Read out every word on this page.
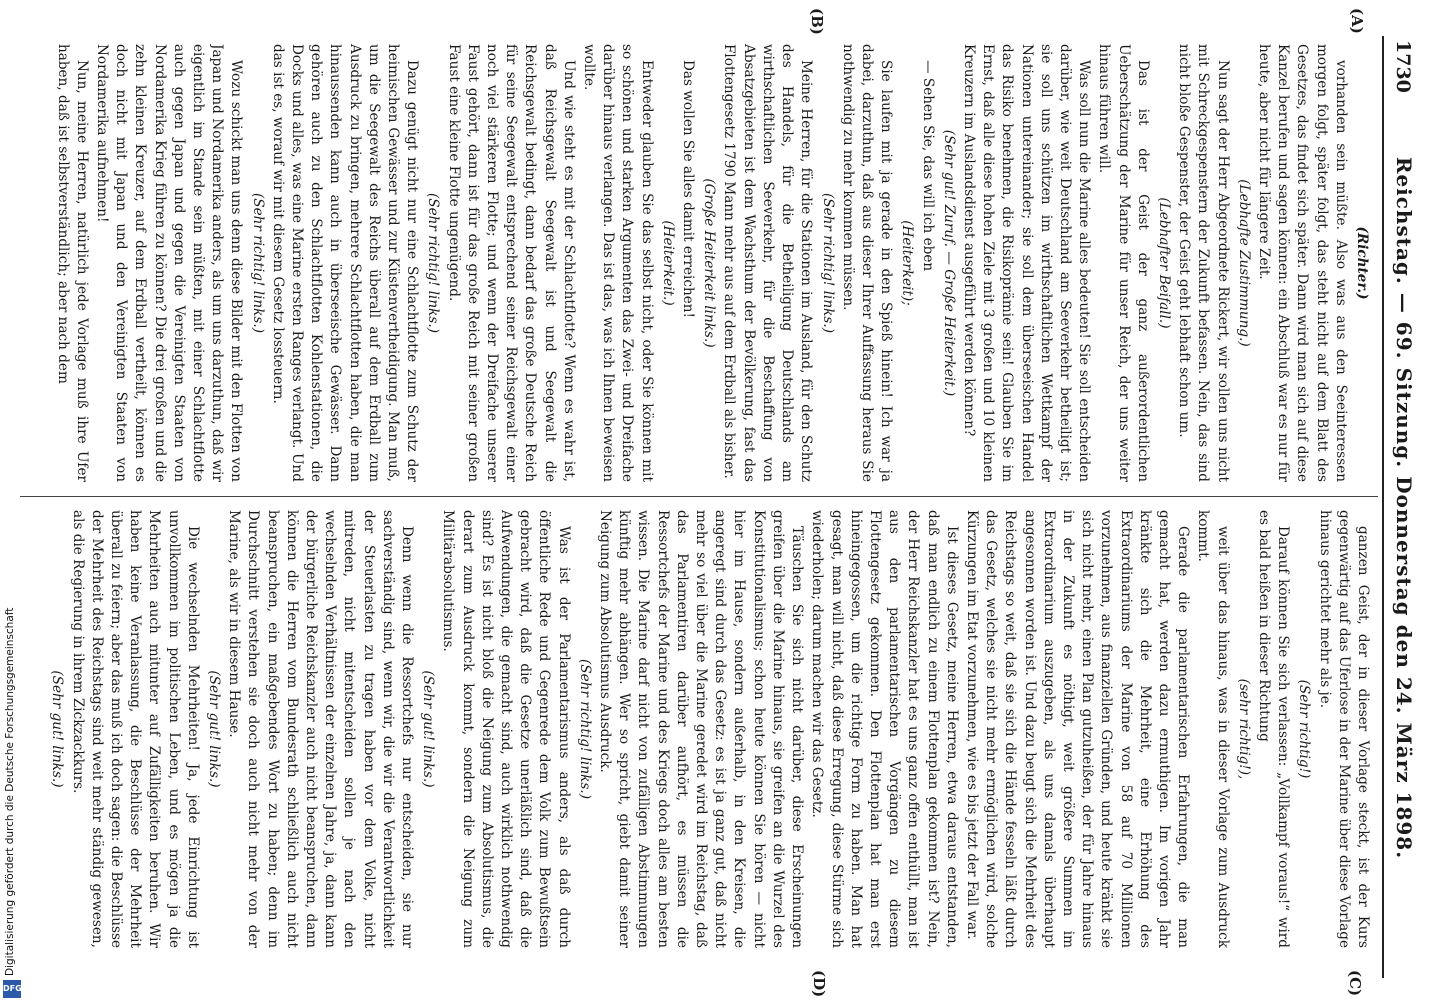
1730
Reichstag. — 69. Sitzung. Donnerstag den 24. März 1898.
(A)
(B)
(C)
(D)

(Richter.)

vorhanden sein müßte. Also was aus den Seeinteressen morgen folgt, später folgt, das steht nicht auf dem Blatt des Gesetzes, das findet sich später. Dann wird man sich auf diese Kanzel berufen und sagen können: ein Abschluß war es nur für heute, aber nicht für längere Zeit.

(Lebhafte Zustimmung.)

Nun sagt der Herr Abgeordnete Rickert, wir sollen uns nicht mit Schreckgespenstern der Zukunft befassen. Nein, das sind nicht bloße Gespenster, der Geist geht lebhaft schon um.

(Lebhafter Beifall.)

Das ist der Geist der ganz außerordentlichen Ueberschätzung der Marine für unser Reich, der uns weiter hinaus führen will.

Was soll nun die Marine alles bedeuten! Sie soll entscheiden darüber, wie weit Deutschland am Seeverkehr betheiligt ist; sie soll uns schützen im wirthschaftlichen Wettkampf der Nationen untereinander; sie soll dem überseeischen Handel das Risiko benehmen, die Risikoprämie sein! Glauben Sie im Ernst, daß alle diese hohen Ziele mit 3 großen und 10 kleinen Kreuzern im Auslandsdienst ausgeführt werden können?

(Sehr gut! Zuruf. — Große Heiterkeit.)

— Sehen Sie, das will ich eben

(Heiterkeit);

Sie laufen mit ja gerade in den Spieß hinein! Ich war ja dabei, darzuthun, daß aus dieser Ihrer Auffassung heraus Sie nothwendig zu mehr kommen müssen.

(Sehr richtig! links.)

Meine Herren, für die Stationen im Ausland, für den Schutz des Handels, für die Betheiligung Deutschlands am wirthschaftlichen Seeverkehr, für die Beschaffung von Absatzgebieten ist dem Wachsthum der Bevölkerung, fast das Flottengesetz 1790 Mann mehr aus auf dem Erdball als bisher.

(Große Heiterkeit links.)

Das wollen Sie alles damit erreichen!

(Heiterkeit.)

Entweder glauben Sie das selbst nicht, oder Sie können mit so schönen und starken Argumenten das Zwei- und Dreifache darüber hinaus verlangen. Das ist das, was ich Ihnen beweisen wollte.

Und wie steht es mit der Schlachtflotte? Wenn es wahr ist, daß Reichsgewalt Seegewalt ist und Seegewalt die Reichsgewalt bedingt, dann bedarf das große Deutsche Reich für seine Seegewalt entsprechend seiner Reichsgewalt einer noch viel stärkeren Flotte; und wenn der Dreifache unserer Faust gehört, dann ist für das große Reich mit seiner großen Faust eine kleine Flotte ungenügend.

(Sehr richtig! links.)

Dazu genügt nicht nur eine Schlachtflotte zum Schutz der heimischen Gewässer und zur Küstenvertheidigung. Man muß, um die Seegewalt des Reichs überall auf dem Erdball zum Ausdruck zu bringen, mehrere Schlachtflotten haben, die man hinaussenden kann auch in überseeische Gewässer. Dann gehören auch zu den Schlachtflotten Kohlenstationen, die Docks und alles, was eine Marine ersten Ranges verlangt. Und das ist es, worauf wir mit diesem Gesetz lossteuern.

(Sehr richtig! links.)

Wozu schickt man uns denn diese Bilder mit den Flotten von Japan und Nordamerika anders, als um uns darzuthun, daß wir eigentlich im Stande sein müßten, mit einer Schlachtflotte auch gegen Japan und gegen die Vereinigten Staaten von Nordamerika Krieg führen zu können? Die drei großen und die zehn kleinen Kreuzer, auf dem Erdball vertheilt, können es doch nicht mit Japan und den Vereinigten Staaten von Nordamerika aufnehmen!

Nun, meine Herren, natürlich jede Vorlage muß ihre Ufer haben, daß ist selbstverständlich; aber nach dem

ganzen Geist, der in dieser Vorlage steckt, ist der Kurs gegenwärtig auf das Uferlose in der Marine über diese Vorlage hinaus gerichtet mehr als je.

(Sehr richtig!)

Darauf können Sie sich verlassen: „Vollkampf voraus!“ wird es bald heißen in dieser Richtung

(sehr richtig!),

weit über das hinaus, was in dieser Vorlage zum Ausdruck kommt.

Gerade die parlamentarischen Erfahrungen, die man gemacht hat, werden dazu ermuthigen. Im vorigen Jahr kränkte sich die Mehrheit, eine Erhöhung des Extraordinariums der Marine von 58 auf 70 Millionen vorzunehmen, aus finanziellen Gründen, und heute kränkt sie sich nicht mehr, einen Plan gutzuheißen, der für Jahre hinaus in der Zukunft es nöthigt, weit größere Summen im Extraordinarium auszugeben, als uns damals überhaupt angesonnen worden ist. Und dazu beugt sich die Mehrheit des Reichstags so weit, daß sie sich die Hände fesseln läßt durch das Gesetz, welches sie nicht mehr ermöglichen wird, solche Kürzungen im Etat vorzunehmen, wie es bis jetzt der Fall war.

Ist dieses Gesetz, meine Herren, etwa daraus entstanden, daß man endlich zu einem Flottenplan gekommen ist? Nein, der Herr Reichskanzler hat es uns ganz offen enthüllt, man ist aus den parlamentarischen Vorgängen zu diesem Flottengesetz gekommen. Den Flottenplan hat man erst hineingegossen, um die richtige Form zu haben. Man hat gesagt, man will nicht, daß diese Erregung, diese Stürme sich wiederholen; darum machen wir das Gesetz.

Täuschen Sie sich nicht darüber, diese Erscheinungen greifen über die Marine hinaus, sie greifen an die Wurzel des Konstitutionalismus; schon heute können Sie hören — nicht hier im Hause, sondern außerhalb, in den Kreisen, die angeregt sind durch das Gesetz: es ist ja ganz gut, daß nicht mehr so viel über die Marine geredet wird im Reichstag, daß das Parlamentiren darüber aufhört, es müssen die Ressortchefs der Marine und des Kriegs doch alles am besten wissen. Die Marine darf nicht von zufälligen Abstimmungen künftig mehr abhängen. Wer so spricht, giebt damit seiner Neigung zum Absolutismus Ausdruck.

(Sehr richtig! links.)

Was ist der Parlamentarismus anders, als daß durch öffentliche Rede und Gegenrede dem Volk zum Bewußtsein gebracht wird, daß die Gesetze unerläßlich sind, daß die Aufwendungen, die gemacht sind, auch wirklich nothwendig sind? Es ist nicht bloß die Neigung zum Absolutismus, die derart zum Ausdruck kommt, sondern die Neigung zum Militärabsolutismus.

(Sehr gut! links.)

Denn wenn die Ressortchefs nur entscheiden, sie nur sachverständig sind, wenn wir, die wir die Verantwortlichkeit der Steuerlasten zu tragen haben vor dem Volke, nicht mitreden, nicht mitentscheiden sollen je nach den wechselnden Verhältnissen der einzelnen Jahre, ja, dann kann der bürgerliche Reichskanzler auch nicht beanspruchen, dann können die Herren vom Bundesrath schließlich auch nicht beanspruchen, ein maßgebendes Wort zu haben; denn im Durchschnitt verstehen sie doch auch nicht mehr von der Marine, als wir in diesem Hause.

(Sehr gut! links.)

Die wechselnden Mehrheiten! Ja, jede Einrichtung ist unvollkommen im politischen Leben, und es mögen ja die Mehrheiten auch mitunter auf Zufälligkeiten beruhen. Wir haben keine Veranlassung, die Beschlüsse der Mehrheit überall zu feiern; aber das muß ich doch sagen: die Beschlüsse der Mehrheit des Reichstags sind weit mehr ständig gewesen, als die Regierung in ihrem Zickzackkurs.

(Sehr gut! links.)

Digitalisierung gefördert durch die Deutsche Forschungsgemeinschaft
DFG
